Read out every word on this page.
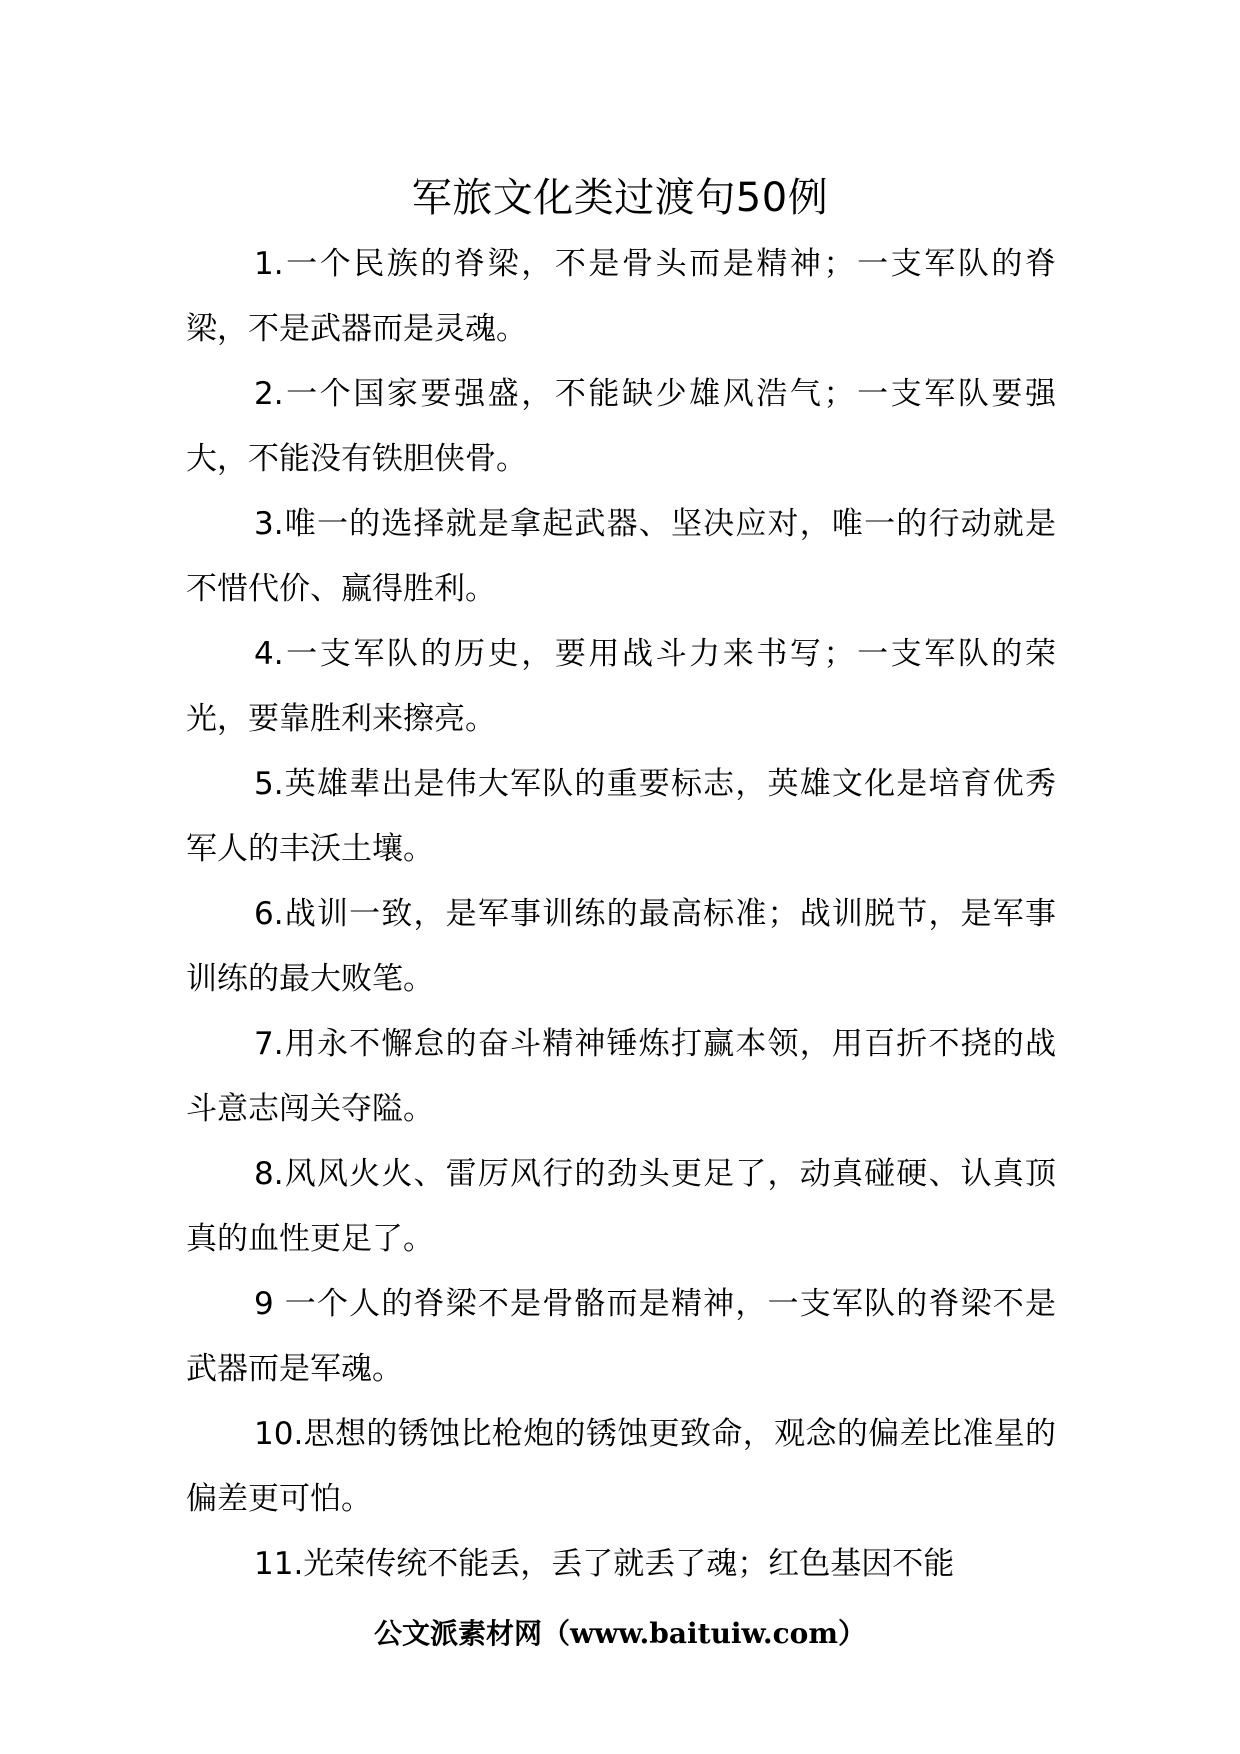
军旅文化类过渡句50例

1.一个民族的脊梁，不是骨头而是精神；一支军队的脊梁，不是武器而是灵魂。

2.一个国家要强盛，不能缺少雄风浩气；一支军队要强大，不能没有铁胆侠骨。

3.唯一的选择就是拿起武器、坚决应对，唯一的行动就是不惜代价、赢得胜利。

4.一支军队的历史，要用战斗力来书写；一支军队的荣光，要靠胜利来擦亮。

5.英雄辈出是伟大军队的重要标志，英雄文化是培育优秀军人的丰沃土壤。

6.战训一致，是军事训练的最高标准；战训脱节，是军事训练的最大败笔。

7.用永不懈怠的奋斗精神锤炼打赢本领，用百折不挠的战斗意志闯关夺隘。

8.风风火火、雷厉风行的劲头更足了，动真碰硬、认真顶真的血性更足了。

9 一个人的脊梁不是骨骼而是精神，一支军队的脊梁不是武器而是军魂。

10.思想的锈蚀比枪炮的锈蚀更致命，观念的偏差比准星的偏差更可怕。

11.光荣传统不能丢，丢了就丢了魂；红色基因不能

公文派素材网（www.baituiw.com）
